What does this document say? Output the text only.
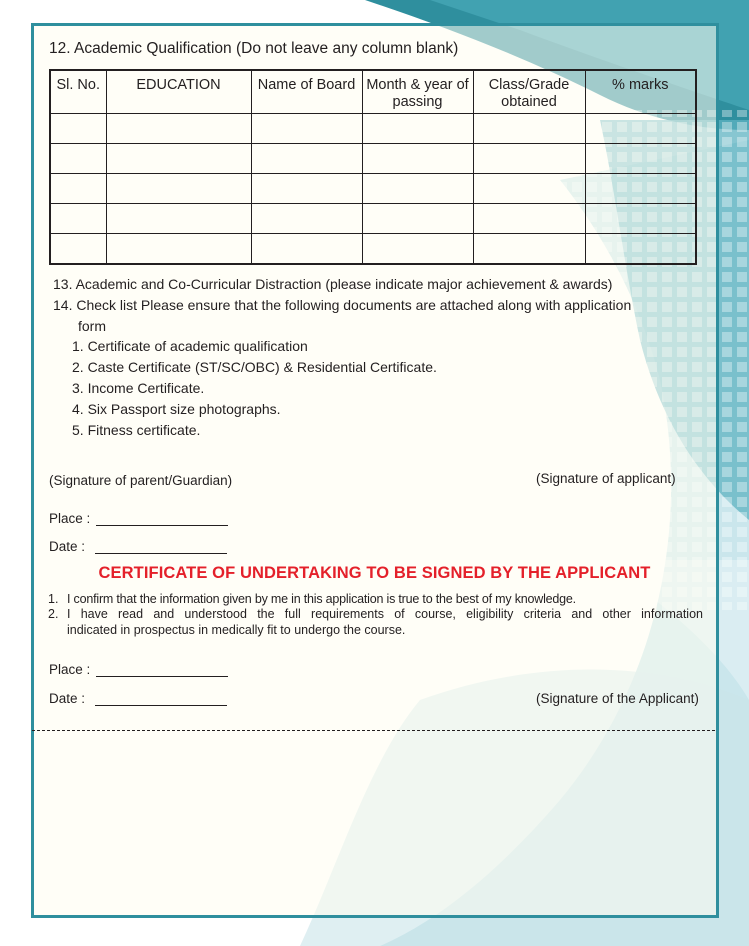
12. Academic Qualification (Do not leave any column blank)
Sl. No.	EDUCATION	Name of Board	Month & year of passing	Class/Grade obtained	% marks

13. Academic and Co-Curricular Distraction (please indicate major achievement & awards)
14. Check list Please ensure that the following documents are attached along with application
form
1. Certificate of academic qualification
2. Caste Certificate (ST/SC/OBC) & Residential Certificate.
3. Income Certificate.
4. Six Passport size photographs.
5. Fitness certificate.
(Signature of parent/Guardian)	(Signature of applicant)
Place :
Date :
CERTIFICATE OF UNDERTAKING TO BE SIGNED BY THE APPLICANT
1. I confirm that the information given by me in this application is true to the best of my knowledge.
2. I have read and understood the full requirements of course, eligibility criteria and other information
indicated in prospectus in medically fit to undergo the course.
Place :
Date :	(Signature of the Applicant)
